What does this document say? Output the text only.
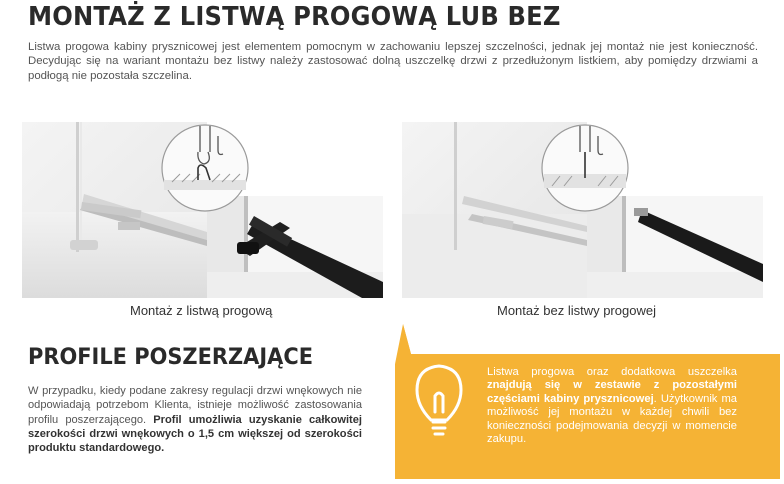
MONTAŻ Z LISTWĄ PROGOWĄ LUB BEZ

Listwa progowa kabiny prysznicowej jest elementem pomocnym w zachowaniu lepszej szczelności, jednak jej montaż nie jest konieczność. Decydując się na wariant montażu bez listwy należy zastosować dolną uszczelkę drzwi z przedłużonym listkiem, aby pomiędzy drzwiami a podłogą nie pozostała szczelina.

Montaż z listwą progową	Montaż bez listwy progowej
PROFILE POSZERZAJĄCE
W przypadku, kiedy podane zakresy regulacji drzwi wnękowych nie odpowiadają potrzebom Klienta, istnieje możliwość zastosowania profilu poszerzającego. Profil umożliwia uzyskanie całkowitej szerokości drzwi wnękowych o 1,5 cm większej od szerokości produktu standardowego.
Listwa progowa oraz dodatkowa uszczelka znajdują się w zestawie z pozostałymi częściami kabiny prysznicowej. Użytkownik ma możliwość jej montażu w każdej chwili bez konieczności podejmowania decyzji w momencie zakupu.
